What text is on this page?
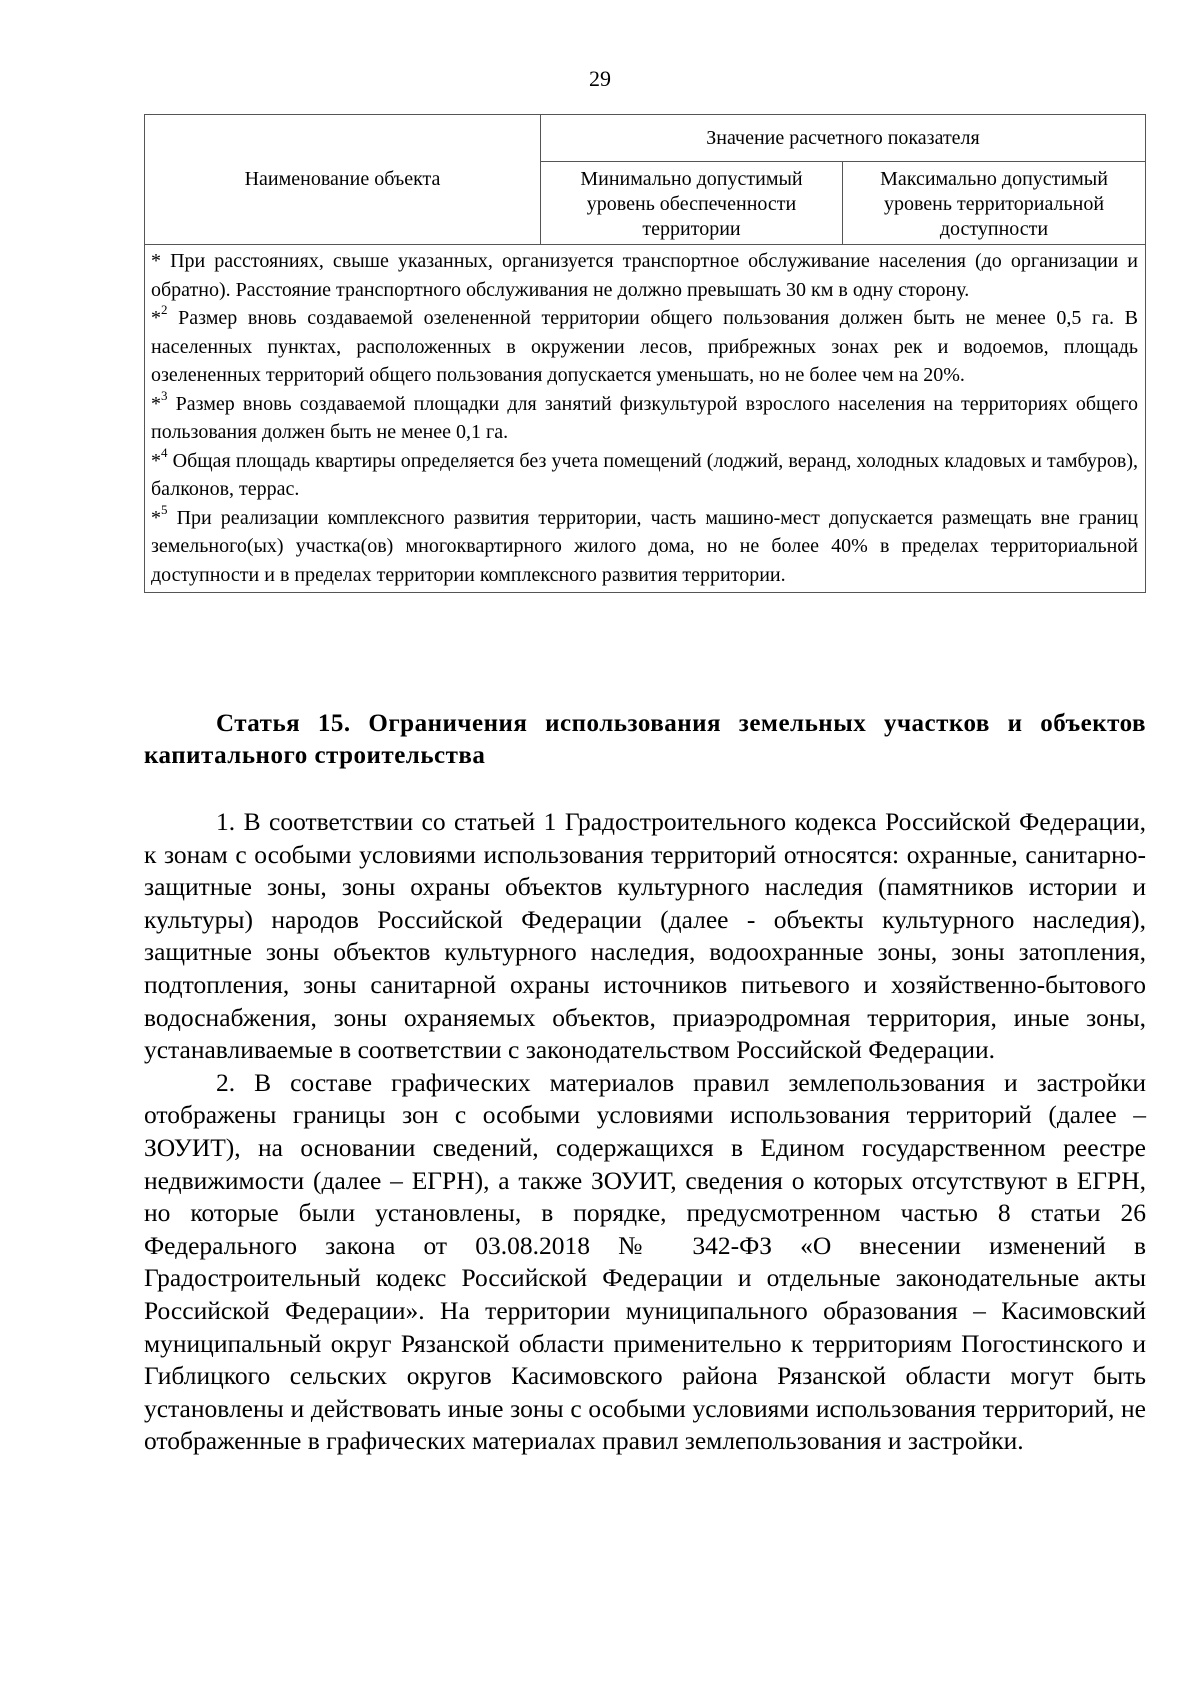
29
Наименование объекта	Значение расчетного показателя	
	Минимально допустимый уровень обеспеченности территории	Максимально допустимый уровень территориальной доступности

* При расстояниях, свыше указанных, организуется транспортное обслуживание населения (до организации и обратно). Расстояние транспортного обслуживания не должно превышать 30 км в одну сторону.
*$^2$ Размер вновь создаваемой озелененной территории общего пользования должен быть не менее 0,5 га. В населенных пунктах, расположенных в окружении лесов, прибрежных зонах рек и водоемов, площадь озелененных территорий общего пользования допускается уменьшать, но не более чем на 20%.
*$^3$ Размер вновь создаваемой площадки для занятий физкультурой взрослого населения на территориях общего пользования должен быть не менее 0,1 га.
*$^4$ Общая площадь квартиры определяется без учета помещений (лоджий, веранд, холодных кладовых и тамбуров), балконов, террас.
*$^5$ При реализации комплексного развития территории, часть машино-мест допускается размещать вне границ земельного(ых) участка(ов) многоквартирного жилого дома, но не более 40% в пределах территориальной доступности и в пределах территории комплексного развития территории.		
Статья 15. Ограничения использования земельных участков и объектов капитального строительства

1. В соответствии со статьей 1 Градостроительного кодекса Российской Федерации, к зонам с особыми условиями использования территорий относятся: охранные, санитарно-защитные зоны, зоны охраны объектов культурного наследия (памятников истории и культуры) народов Российской Федерации (далее - объекты культурного наследия), защитные зоны объектов культурного наследия, водоохранные зоны, зоны затопления, подтопления, зоны санитарной охраны источников питьевого и хозяйственно-бытового водоснабжения, зоны охраняемых объектов, приаэродромная территория, иные зоны, устанавливаемые в соответствии с законодательством Российской Федерации.

2. В составе графических материалов правил землепользования и застройки отображены границы зон с особыми условиями использования территорий (далее – ЗОУИТ), на основании сведений, содержащихся в Едином государственном реестре недвижимости (далее – ЕГРН), а также ЗОУИТ, сведения о которых отсутствуют в ЕГРН, но которые были установлены, в порядке, предусмотренном частью 8 статьи 26 Федерального закона от 03.08.2018 № 342-ФЗ «О внесении изменений в Градостроительный кодекс Российской Федерации и отдельные законодательные акты Российской Федерации». На территории муниципального образования – Касимовский муниципальный округ Рязанской области применительно к территориям Погостинского и Гиблицкого сельских округов Касимовского района Рязанской области могут быть установлены и действовать иные зоны с особыми условиями использования территорий, не отображенные в графических материалах правил землепользования и застройки.
